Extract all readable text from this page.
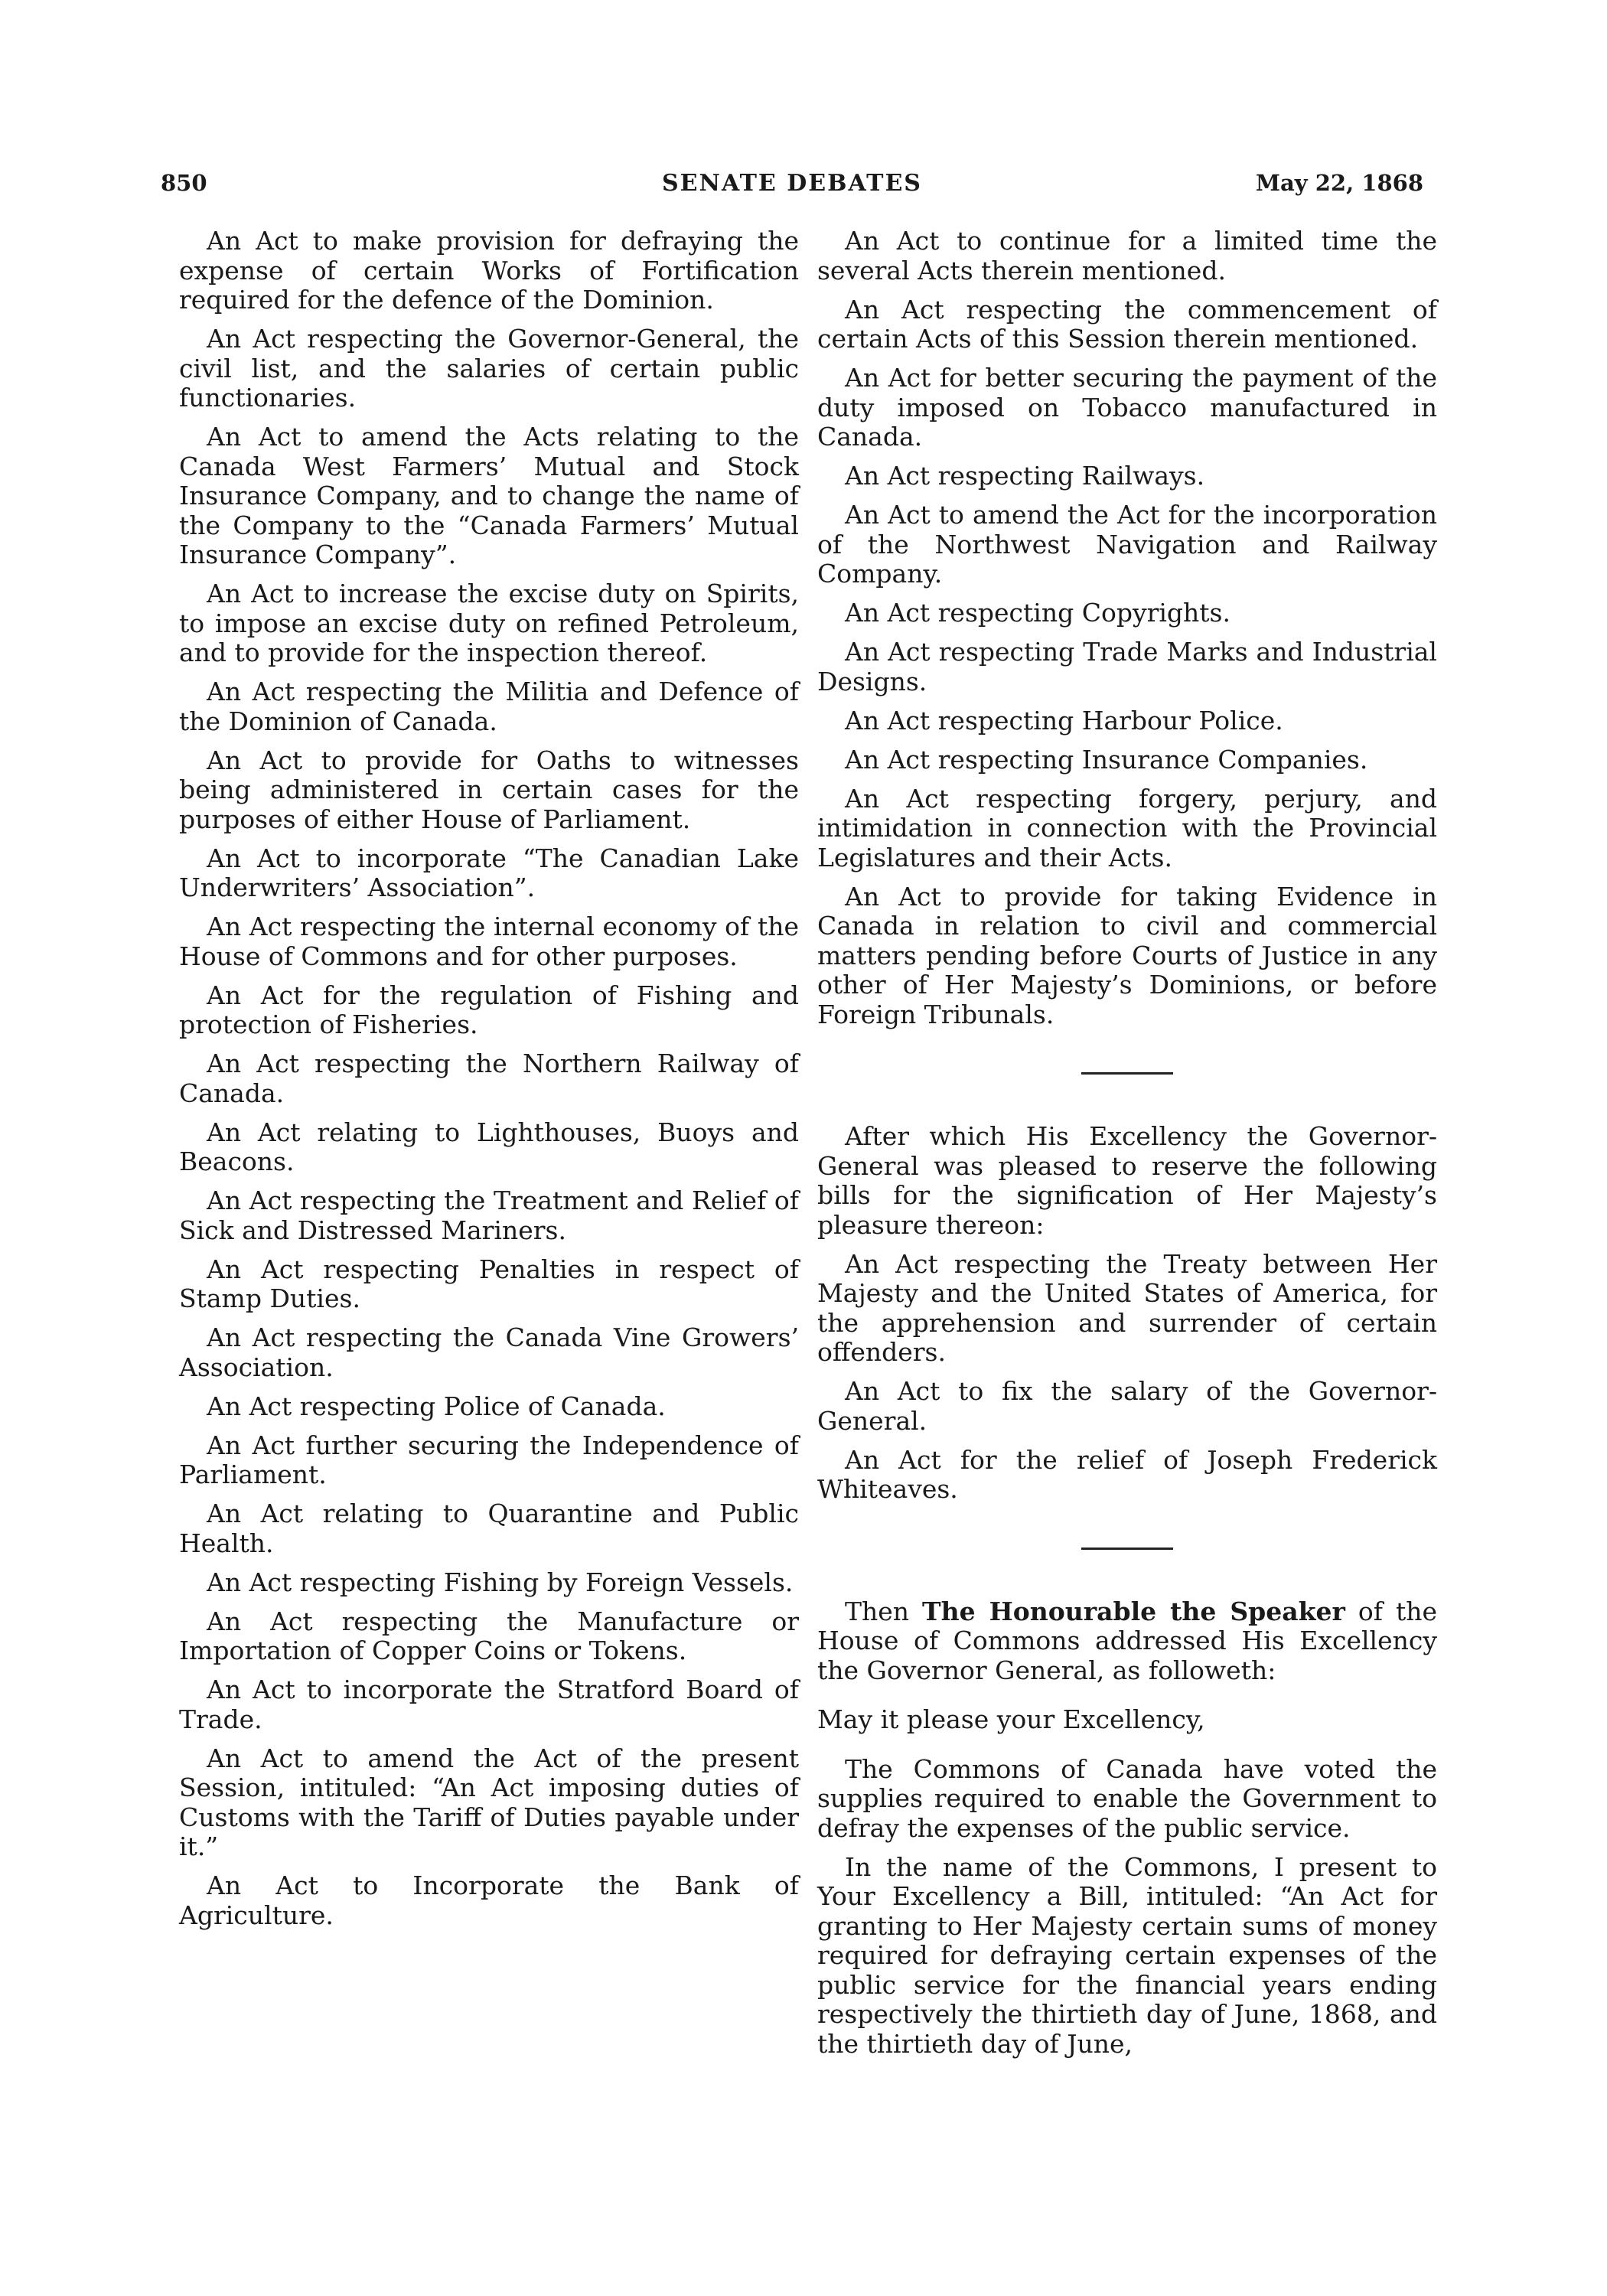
850	SENATE DEBATES	May 22, 1868

An Act to make provision for defraying the expense of certain Works of Fortification required for the defence of the Dominion.

An Act respecting the Governor-General, the civil list, and the salaries of certain public functionaries.

An Act to amend the Acts relating to the Canada West Farmers’ Mutual and Stock Insurance Company, and to change the name of the Company to the “Canada Farmers’ Mutual Insurance Company”.

An Act to increase the excise duty on Spirits, to impose an excise duty on refined Petroleum, and to provide for the inspection thereof.

An Act respecting the Militia and Defence of the Dominion of Canada.

An Act to provide for Oaths to witnesses being administered in certain cases for the purposes of either House of Parliament.

An Act to incorporate “The Canadian Lake Underwriters’ Association”.

An Act respecting the internal economy of the House of Commons and for other purposes.

An Act for the regulation of Fishing and protection of Fisheries.

An Act respecting the Northern Railway of Canada.

An Act relating to Lighthouses, Buoys and Beacons.

An Act respecting the Treatment and Relief of Sick and Distressed Mariners.

An Act respecting Penalties in respect of Stamp Duties.

An Act respecting the Canada Vine Growers’ Association.

An Act respecting Police of Canada.

An Act further securing the Independence of Parliament.

An Act relating to Quarantine and Public Health.

An Act respecting Fishing by Foreign Vessels.

An Act respecting the Manufacture or Importation of Copper Coins or Tokens.

An Act to incorporate the Stratford Board of Trade.

An Act to amend the Act of the present Session, intituled: “An Act imposing duties of Customs with the Tariff of Duties payable under it.”

An Act to Incorporate the Bank of Agriculture.

An Act to continue for a limited time the several Acts therein mentioned.

An Act respecting the commencement of certain Acts of this Session therein mentioned.

An Act for better securing the payment of the duty imposed on Tobacco manufactured in Canada.

An Act respecting Railways.

An Act to amend the Act for the incorporation of the Northwest Navigation and Railway Company.

An Act respecting Copyrights.

An Act respecting Trade Marks and Industrial Designs.

An Act respecting Harbour Police.

An Act respecting Insurance Companies.

An Act respecting forgery, perjury, and intimidation in connection with the Provincial Legislatures and their Acts.

An Act to provide for taking Evidence in Canada in relation to civil and commercial matters pending before Courts of Justice in any other of Her Majesty’s Dominions, or before Foreign Tribunals.

After which His Excellency the Governor-General was pleased to reserve the following bills for the signification of Her Majesty’s pleasure thereon:

An Act respecting the Treaty between Her Majesty and the United States of America, for the apprehension and surrender of certain offenders.

An Act to fix the salary of the Governor-General.

An Act for the relief of Joseph Frederick Whiteaves.

Then The Honourable the Speaker of the House of Commons addressed His Excellency the Governor General, as followeth:

May it please your Excellency,

The Commons of Canada have voted the supplies required to enable the Government to defray the expenses of the public service.

In the name of the Commons, I present to Your Excellency a Bill, intituled: “An Act for granting to Her Majesty certain sums of money required for defraying certain expenses of the public service for the financial years ending respectively the thirtieth day of June, 1868, and the thirtieth day of June,
